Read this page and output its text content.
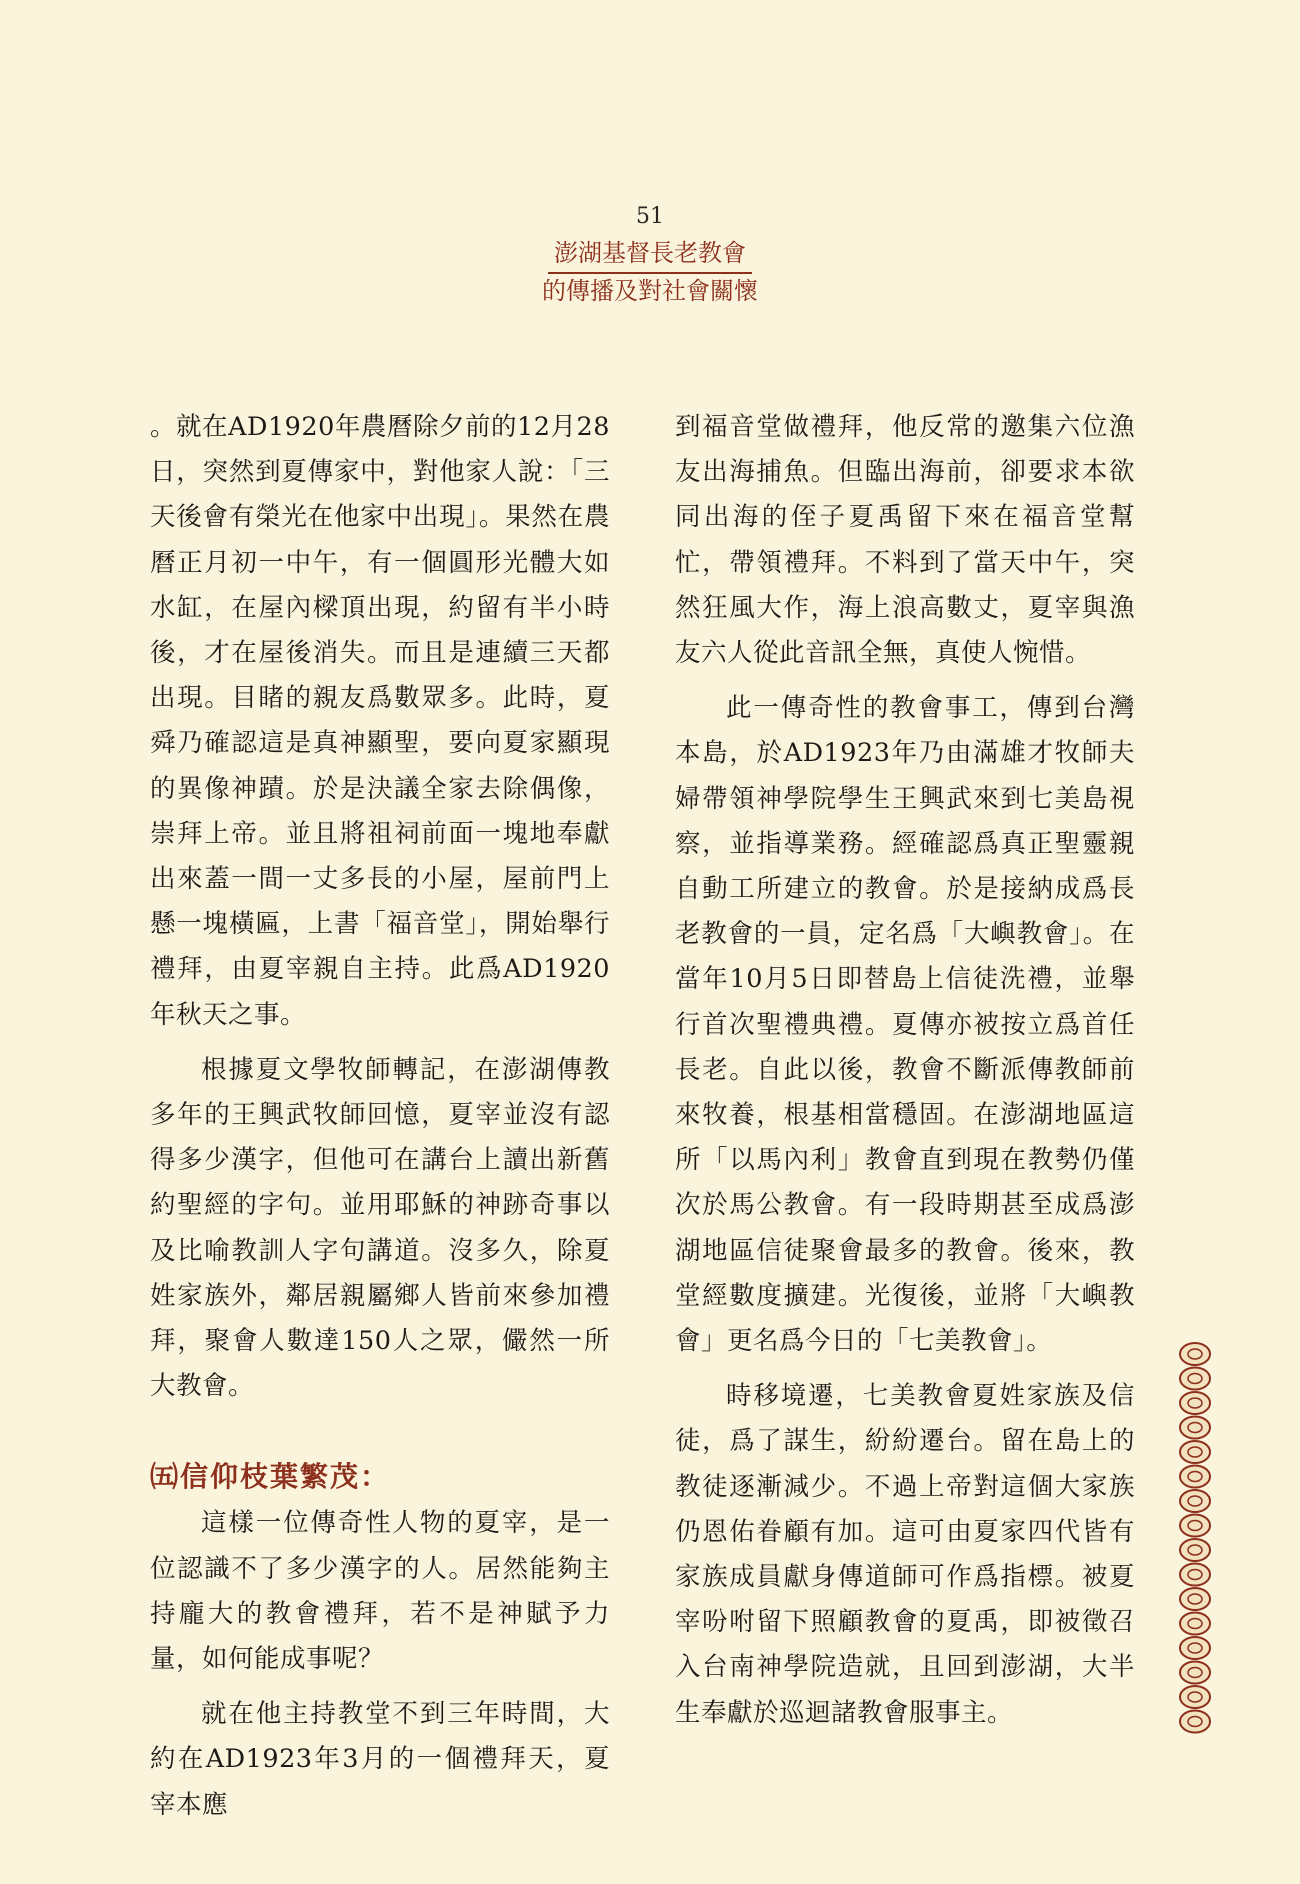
51
澎湖基督長老教會
的傳播及對社會關懷

。就在AD1920年農曆除夕前的12月28日，突然到夏傳家中，對他家人說：「三天後會有榮光在他家中出現」。果然在農曆正月初一中午，有一個圓形光體大如水缸，在屋內樑頂出現，約留有半小時後，才在屋後消失。而且是連續三天都出現。目睹的親友爲數眾多。此時，夏舜乃確認這是真神顯聖，要向夏家顯現的異像神蹟。於是決議全家去除偶像，崇拜上帝。並且將祖祠前面一塊地奉獻出來蓋一間一丈多長的小屋，屋前門上懸一塊橫匾，上書「福音堂」，開始舉行禮拜，由夏宰親自主持。此爲AD1920年秋天之事。

根據夏文學牧師轉記，在澎湖傳教多年的王興武牧師回憶，夏宰並沒有認得多少漢字，但他可在講台上讀出新舊約聖經的字句。並用耶穌的神跡奇事以及比喻教訓人字句講道。沒多久，除夏姓家族外，鄰居親屬鄉人皆前來參加禮拜，聚會人數達150人之眾，儼然一所大教會。

㈤信仰枝葉繁茂：

這樣一位傳奇性人物的夏宰，是一位認識不了多少漢字的人。居然能夠主持龐大的教會禮拜，若不是神賦予力量，如何能成事呢？

就在他主持教堂不到三年時間，大約在AD1923年3月的一個禮拜天，夏宰本應

到福音堂做禮拜，他反常的邀集六位漁友出海捕魚。但臨出海前，卻要求本欲同出海的侄子夏禹留下來在福音堂幫忙，帶領禮拜。不料到了當天中午，突然狂風大作，海上浪高數丈，夏宰與漁友六人從此音訊全無，真使人惋惜。

此一傳奇性的教會事工，傳到台灣本島，於AD1923年乃由滿雄才牧師夫婦帶領神學院學生王興武來到七美島視察，並指導業務。經確認爲真正聖靈親自動工所建立的教會。於是接納成爲長老教會的一員，定名爲「大嶼教會」。在當年10月5日即替島上信徒洗禮，並舉行首次聖禮典禮。夏傳亦被按立爲首任長老。自此以後，教會不斷派傳教師前來牧養，根基相當穩固。在澎湖地區這所「以馬內利」教會直到現在教勢仍僅次於馬公教會。有一段時期甚至成爲澎湖地區信徒聚會最多的教會。後來，教堂經數度擴建。光復後，並將「大嶼教會」更名爲今日的「七美教會」。

時移境遷，七美教會夏姓家族及信徒，爲了謀生，紛紛遷台。留在島上的教徒逐漸減少。不過上帝對這個大家族仍恩佑眷顧有加。這可由夏家四代皆有家族成員獻身傳道師可作爲指標。被夏宰吩咐留下照顧教會的夏禹，即被徵召入台南神學院造就，且回到澎湖，大半生奉獻於巡迴諸教會服事主。
